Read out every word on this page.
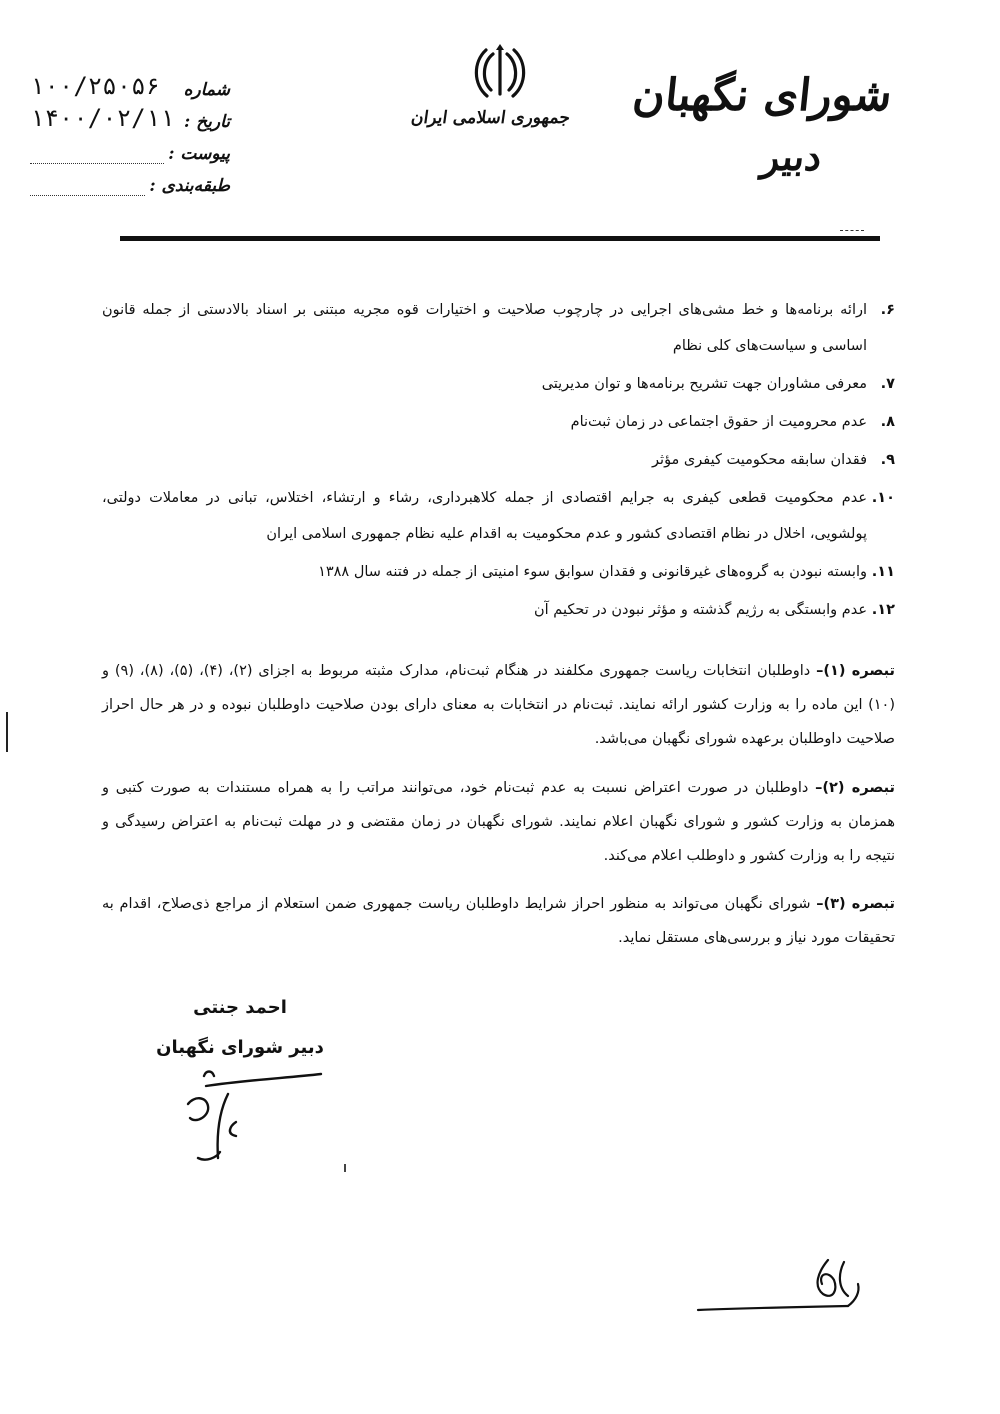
شورای نگهبان
دبیر
جمهوری اسلامی ایران
شماره
۱۰۰/۲۵۰۵۶
تاریخ :
۱۴۰۰/۰۲/۱۱
پیوست :
طبقه‌بندی :
۶.
ارائه برنامه‌ها و خط مشی‌های اجرایی در چارچوب صلاحیت و اختیارات قوه مجریه مبتنی بر اسناد بالادستی از جمله قانون اساسی و سیاست‌های کلی نظام
۷.
معرفی مشاوران جهت تشریح برنامه‌ها و توان مدیریتی
۸.
عدم محرومیت از حقوق اجتماعی در زمان ثبت‌نام
۹.
فقدان سابقه محکومیت کیفری مؤثر
۱۰.
عدم محکومیت قطعی کیفری به جرایم اقتصادی از جمله کلاهبرداری، رشاء و ارتشاء، اختلاس، تبانی در معاملات دولتی، پولشویی، اخلال در نظام اقتصادی کشور و عدم محکومیت به اقدام علیه نظام جمهوری اسلامی ایران
۱۱.
وابسته نبودن به گروه‌های غیرقانونی و فقدان سوابق سوء امنیتی از جمله در فتنه سال ۱۳۸۸
۱۲.
عدم وابستگی به رژیم گذشته و مؤثر نبودن در تحکیم آن

تبصره (۱)– داوطلبان انتخابات ریاست جمهوری مکلفند در هنگام ثبت‌نام، مدارک مثبته مربوط به اجزای (۲)، (۴)، (۵)، (۸)، (۹) و (۱۰) این ماده را به وزارت کشور ارائه نمایند. ثبت‌نام در انتخابات به معنای دارای بودن صلاحیت داوطلبان نبوده و در هر حال احراز صلاحیت داوطلبان برعهده شورای نگهبان می‌باشد.

تبصره (۲)– داوطلبان در صورت اعتراض نسبت به عدم ثبت‌نام خود، می‌توانند مراتب را به همراه مستندات به صورت کتبی و همزمان به وزارت کشور و شورای نگهبان اعلام نمایند. شورای نگهبان در زمان مقتضی و در مهلت ثبت‌نام به اعتراض رسیدگی و نتیجه را به وزارت کشور و داوطلب اعلام می‌کند.

تبصره (۳)– شورای نگهبان می‌تواند به منظور احراز شرایط داوطلبان ریاست جمهوری ضمن استعلام از مراجع ذی‌صلاح، اقدام به تحقیقات مورد نیاز و بررسی‌های مستقل نماید.

احمد جنتی
دبیر شورای نگهبان
